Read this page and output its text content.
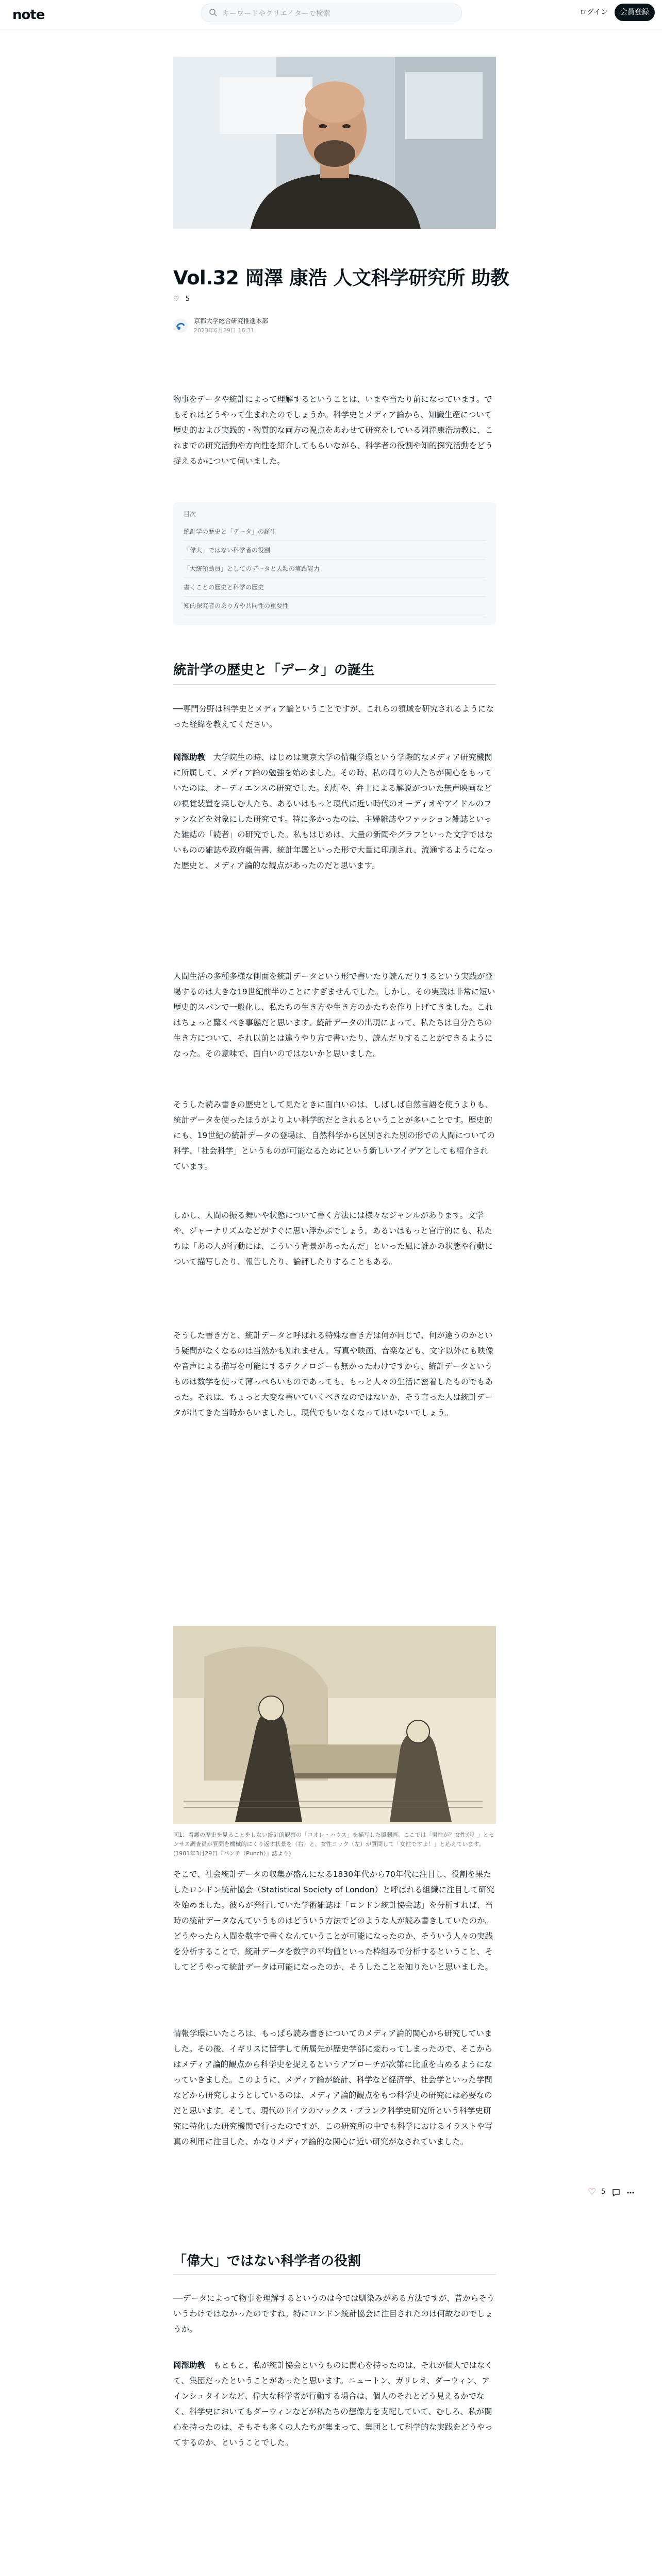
note	キーワードやクリエイターで検索	ログイン	会員登録
Vol.32 岡澤 康浩 人文科学研究所 助教
♡ 5
京都大学総合研究推進本部
2023年6月29日 16:31

物事をデータや統計によって理解するということは、いまや当たり前になっています。でもそれはどうやって生まれたのでしょうか。科学史とメディア論から、知識生産について歴史的および実践的・物質的な両方の視点をあわせて研究をしている岡澤康浩助教に、これまでの研究活動や方向性を紹介してもらいながら、科学者の役割や知的探究活動をどう捉えるかについて伺いました。

目次
統計学の歴史と「データ」の誕生
「偉大」ではない科学者の役割
「大統領動員」としてのデータと人類の実践能力
書くことの歴史と科学の歴史
知的探究者のあり方や共同性の重要性
統計学の歴史と「データ」の誕生

──専門分野は科学史とメディア論ということですが、これらの領域を研究されるようになった経緯を教えてください。

岡澤助教　 大学院生の時、はじめは東京大学の情報学環という学際的なメディア研究機関に所属して、メディア論の勉強を始めました。その時、私の周りの人たちが関心をもっていたのは、オーディエンスの研究でした。幻灯や、弁士による解説がついた無声映画などの視覚装置を楽しむ人たち、あるいはもっと現代に近い時代のオーディオやアイドルのファンなどを対象にした研究です。特に多かったのは、主婦雑誌やファッション雑誌といった雑誌の「読者」の研究でした。私もはじめは、大量の新聞やグラフといった文字ではないものの雑誌や政府報告書、統計年鑑といった形で大量に印刷され、流通するようになった歴史と、メディア論的な観点があったのだと思います。

人間生活の多種多様な側面を統計データという形で書いたり読んだりするという実践が登場するのは大きな19世紀前半のことにすぎませんでした。しかし、その実践は非常に短い歴史的スパンで一般化し、私たちの生き方や生き方のかたちを作り上げてきました。これはちょっと驚くべき事態だと思います。統計データの出現によって、私たちは自分たちの生き方について、それ以前とは違うやり方で書いたり、読んだりすることができるようになった。その意味で、面白いのではないかと思いました。

そうした読み書きの歴史として見たときに面白いのは、しばしば自然言語を使うよりも、統計データを使ったほうがよりよい科学的だとされるということが多いことです。歴史的にも、19世紀の統計データの登場は、自然科学から区別された別の形での人間についての科学、「社会科学」というものが可能なるためにという新しいアイデアとしても紹介されています。

しかし、人間の振る舞いや状態について書く方法には様々なジャンルがあります。文学や、ジャーナリズムなどがすぐに思い浮かぶでしょう。あるいはもっと官庁的にも、私たちは「あの人が行動には、こういう背景があったんだ」といった風に誰かの状態や行動について描写したり、報告したり、論評したりすることもある。

そうした書き方と、統計データと呼ばれる特殊な書き方は何が同じで、何が違うのかという疑問がなくなるのは当然かも知れません。写真や映画、音楽なども、文字以外にも映像や音声による描写を可能にするテクノロジーも無かったわけですから、統計データというものは数学を使って薄っぺらいものであっても、もっと人々の生活に密着したものでもあった。それは、ちょっと大変な書いていくべきなのではないか、そう言った人は統計データが出てきた当時からいましたし、現代でもいなくなってはいないでしょう。

図1：看護の歴史を見ることをしない統計的観察の「コオレ・ハウス」を描写した風刺画。ここでは「男性が？女性が？」とセンサス調査員が質問を機械的にくり返す状景を（右）と、女性コック（左）が質問して「女性ですよ！」と応えています。(1901年3月29日『パンチ（Punch）』誌より)

そこで、社会統計データの収集が盛んになる1830年代から70年代に注目し、役割を果たしたロンドン統計協会（Statistical Society of London）と呼ばれる組織に注目して研究を始めました。彼らが発行していた学術雑誌は「ロンドン統計協会誌」を分析すれば、当時の統計データなんていうものはどういう方法でどのような人が読み書きしていたのか。どうやったら人間を数字で書くなんていうことが可能になったのか、そういう人々の実践を分析することで、統計データを数字の平均値といった枠組みで分析するということ、そしてどうやって統計データは可能になったのか、そうしたことを知りたいと思いました。

情報学環にいたころは、もっぱら読み書きについてのメディア論的関心から研究していました。その後、イギリスに留学して所属先が歴史学部に変わってしまったので、そこからはメディア論的観点から科学史を捉えるというアプローチが次第に比重を占めるようになっていきました。このように、メディア論が統計、科学など経済学、社会学といった学問などから研究しようとしているのは、メディア論的観点をもつ科学史の研究には必要なのだと思います。そして、現代のドイツのマックス・プランク科学史研究所という科学史研究に特化した研究機関で行ったのですが、この研究所の中でも科学におけるイラストや写真の利用に注目した、かなりメディア論的な関心に近い研究がなされていました。

♡ 5
「偉大」ではない科学者の役割

──データによって物事を理解するというのは今では馴染みがある方法ですが、昔からそういうわけではなかったのですね。特にロンドン統計協会に注目されたのは何故なのでしょうか。

岡澤助教　 もともと、私が統計協会というものに関心を持ったのは、それが個人ではなくて、集団だったということがあったと思います。ニュートン、ガリレオ、ダーウィン、アインシュタインなど、偉大な科学者が行動する場合は、個人のそれとどう見えるかでなく、科学史においてもダーウィンなどが私たちの想像力を支配していて、むしろ、私が関心を持ったのは、そもそも多くの人たちが集まって、集団として科学的な実践をどうやってするのか、ということでした。
